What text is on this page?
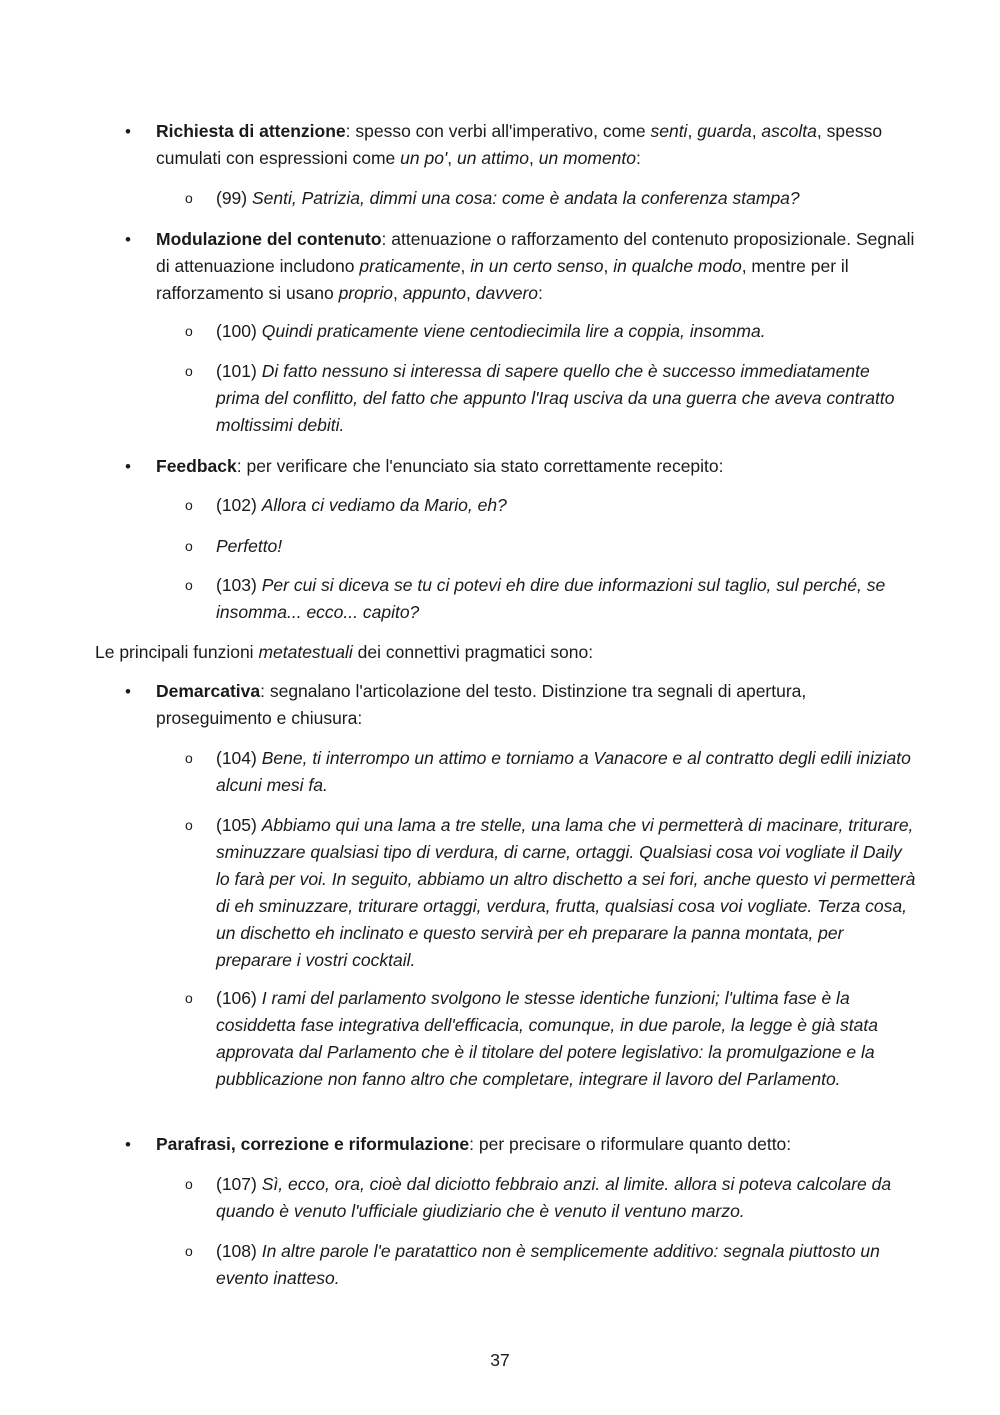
• Richiesta di attenzione: spesso con verbi all'imperativo, come senti, guarda, ascolta, spesso cumulati con espressioni come un po', un attimo, un momento:
o (99) Senti, Patrizia, dimmi una cosa: come è andata la conferenza stampa?
• Modulazione del contenuto: attenuazione o rafforzamento del contenuto proposizionale. Segnali di attenuazione includono praticamente, in un certo senso, in qualche modo, mentre per il rafforzamento si usano proprio, appunto, davvero:
o (100) Quindi praticamente viene centodiecimila lire a coppia, insomma.
o (101) Di fatto nessuno si interessa di sapere quello che è successo immediatamente prima del conflitto, del fatto che appunto l'Iraq usciva da una guerra che aveva contratto moltissimi debiti.
• Feedback: per verificare che l'enunciato sia stato correttamente recepito:
o (102) Allora ci vediamo da Mario, eh?
o Perfetto!
o (103) Per cui si diceva se tu ci potevi eh dire due informazioni sul taglio, sul perché, se insomma... ecco... capito?
Le principali funzioni metatestuali dei connettivi pragmatici sono:
• Demarcativa: segnalano l'articolazione del testo. Distinzione tra segnali di apertura, proseguimento e chiusura:
o (104) Bene, ti interrompo un attimo e torniamo a Vanacore e al contratto degli edili iniziato alcuni mesi fa.
o (105) Abbiamo qui una lama a tre stelle, una lama che vi permetterà di macinare, triturare, sminuzzare qualsiasi tipo di verdura, di carne, ortaggi. Qualsiasi cosa voi vogliate il Daily lo farà per voi. In seguito, abbiamo un altro dischetto a sei fori, anche questo vi permetterà di eh sminuzzare, triturare ortaggi, verdura, frutta, qualsiasi cosa voi vogliate. Terza cosa, un dischetto eh inclinato e questo servirà per eh preparare la panna montata, per preparare i vostri cocktail.
o (106) I rami del parlamento svolgono le stesse identiche funzioni; l'ultima fase è la cosiddetta fase integrativa dell'efficacia, comunque, in due parole, la legge è già stata approvata dal Parlamento che è il titolare del potere legislativo: la promulgazione e la pubblicazione non fanno altro che completare, integrare il lavoro del Parlamento.
• Parafrasi, correzione e riformulazione: per precisare o riformulare quanto detto:
o (107) Sì, ecco, ora, cioè dal diciotto febbraio anzi. al limite. allora si poteva calcolare da quando è venuto l'ufficiale giudiziario che è venuto il ventuno marzo.
o (108) In altre parole l'e paratattico non è semplicemente additivo: segnala piuttosto un evento inatteso.
37
